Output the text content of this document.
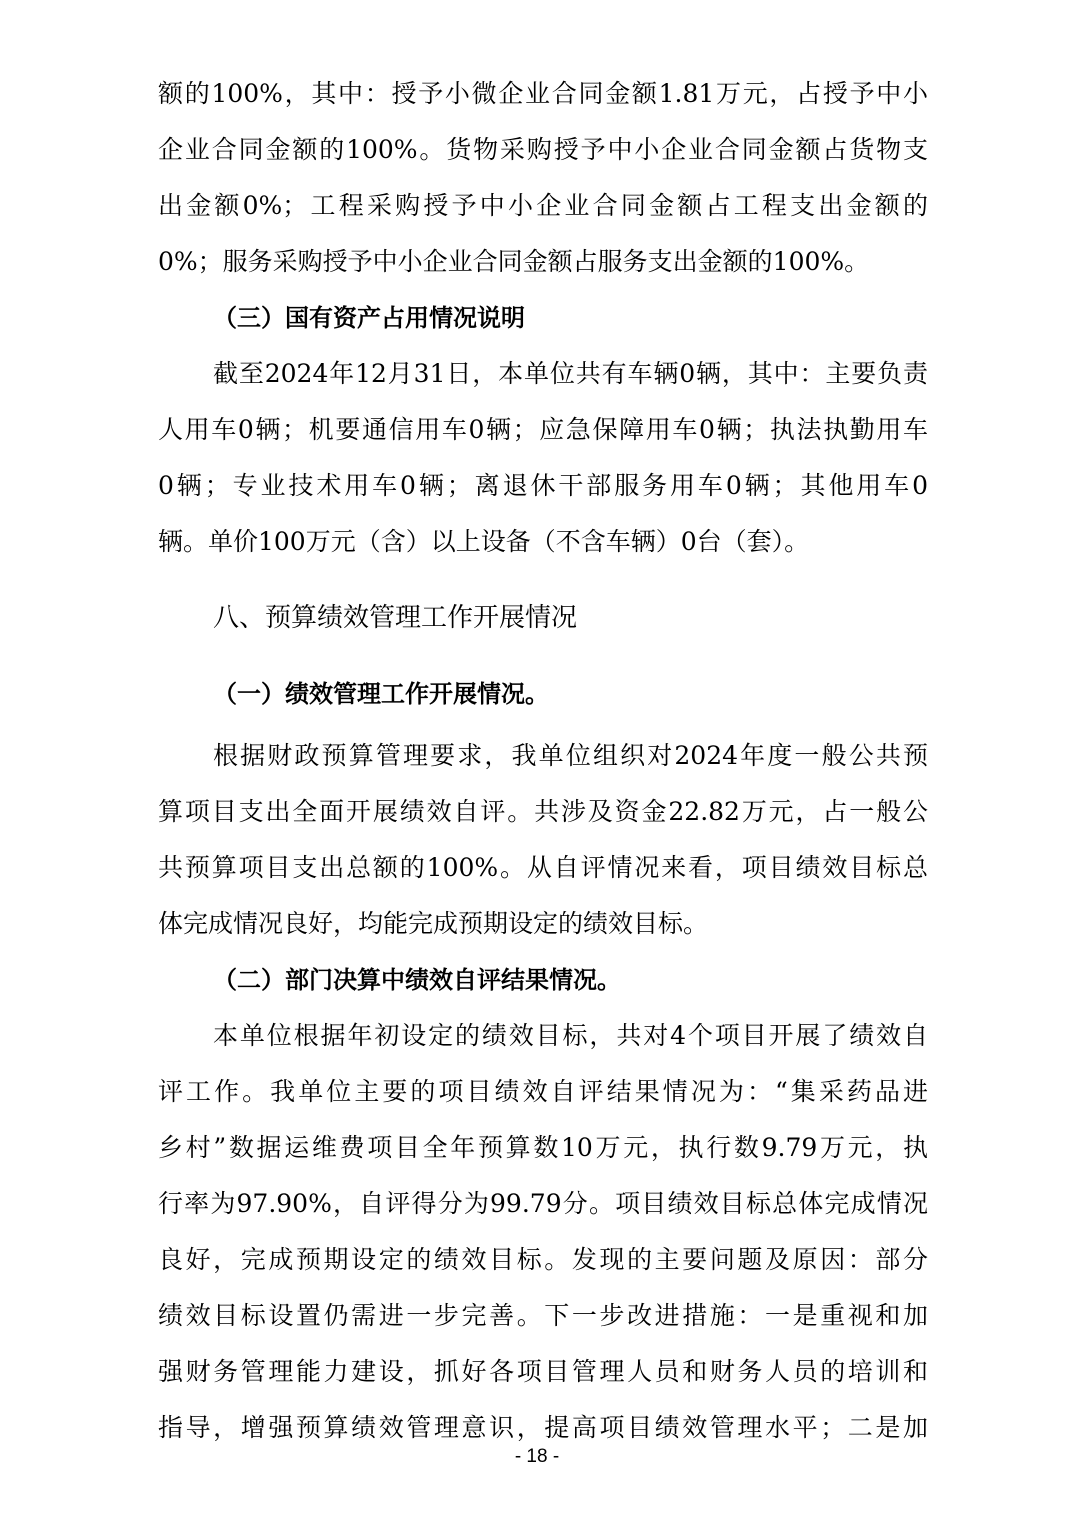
额的100%，其中：授予小微企业合同金额1.81万元，占授予中小
企业合同金额的100%。货物采购授予中小企业合同金额占货物支
出金额0%；工程采购授予中小企业合同金额占工程支出金额的
0%；服务采购授予中小企业合同金额占服务支出金额的100%。
（三）国有资产占用情况说明
截至2024年12月31日，本单位共有车辆0辆，其中：主要负责
人用车0辆；机要通信用车0辆；应急保障用车0辆；执法执勤用车
0辆；专业技术用车0辆；离退休干部服务用车0辆；其他用车0
辆。单价100万元（含）以上设备（不含车辆）0台（套）。
八、预算绩效管理工作开展情况
（一）绩效管理工作开展情况。
根据财政预算管理要求，我单位组织对2024年度一般公共预
算项目支出全面开展绩效自评。共涉及资金22.82万元，占一般公
共预算项目支出总额的100%。从自评情况来看，项目绩效目标总
体完成情况良好，均能完成预期设定的绩效目标。
（二）部门决算中绩效自评结果情况。
本单位根据年初设定的绩效目标，共对4个项目开展了绩效自
评工作。我单位主要的项目绩效自评结果情况为：“集采药品进
乡村”数据运维费项目全年预算数10万元，执行数9.79万元，执
行率为97.90%，自评得分为99.79分。项目绩效目标总体完成情况
良好，完成预期设定的绩效目标。发现的主要问题及原因：部分
绩效目标设置仍需进一步完善。下一步改进措施：一是重视和加
强财务管理能力建设，抓好各项目管理人员和财务人员的培训和
指导，增强预算绩效管理意识，提高项目绩效管理水平；二是加
- 18 -
